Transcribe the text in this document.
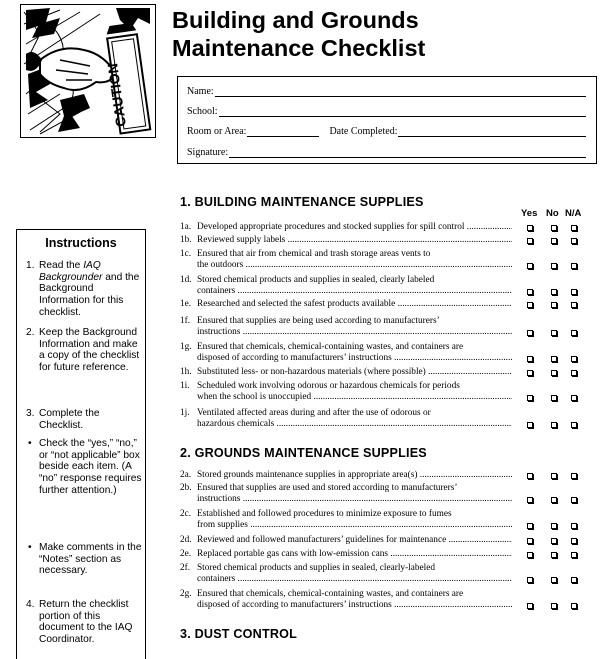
CAUTION
Building and Grounds
Maintenance Checklist
Name:
School:
Room or Area:	Date Completed:
Signature:
Instructions
1. Read the IAQ Backgrounder and the Background Information for this checklist.
2. Keep the Background Information and make a copy of the checklist for future reference.
3. Complete the Checklist.
• Check the “yes,” “no,” or “not applicable” box beside each item. (A “no” response requires further attention.)
• Make comments in the “Notes” section as necessary.
4. Return the checklist portion of this document to the IAQ Coordinator.
Yes No N/A
1. BUILDING MAINTENANCE SUPPLIES
2. GROUNDS MAINTENANCE SUPPLIES
3. DUST CONTROL
1a. Developed appropriate procedures and stocked supplies for spill control .....
1b. Reviewed supply labels .....
1c. Ensured that air from chemical and trash storage areas vents to
the outdoors .....
1d. Stored chemical products and supplies in sealed, clearly labeled
containers .....
1e. Researched and selected the safest products available .....
1f. Ensured that supplies are being used according to manufacturers’
instructions .....
1g. Ensured that chemicals, chemical-containing wastes, and containers are
disposed of according to manufacturers’ instructions .....
1h. Substituted less- or non-hazardous materials (where possible) .....
1i. Scheduled work involving odorous or hazardous chemicals for periods
when the school is unoccupied .....
1j. Ventilated affected areas during and after the use of odorous or
hazardous chemicals .....
2a. Stored grounds maintenance supplies in appropriate area(s) .....
2b. Ensured that supplies are used and stored according to manufacturers’
instructions .....
2c. Established and followed procedures to minimize exposure to fumes
from supplies .....
2d. Reviewed and followed manufacturers’ guidelines for maintenance .....
2e. Replaced portable gas cans with low-emission cans .....
2f. Stored chemical products and supplies in sealed, clearly-labeled
containers .....
2g. Ensured that chemicals, chemical-containing wastes, and containers are
disposed of according to manufacturers’ instructions .....
